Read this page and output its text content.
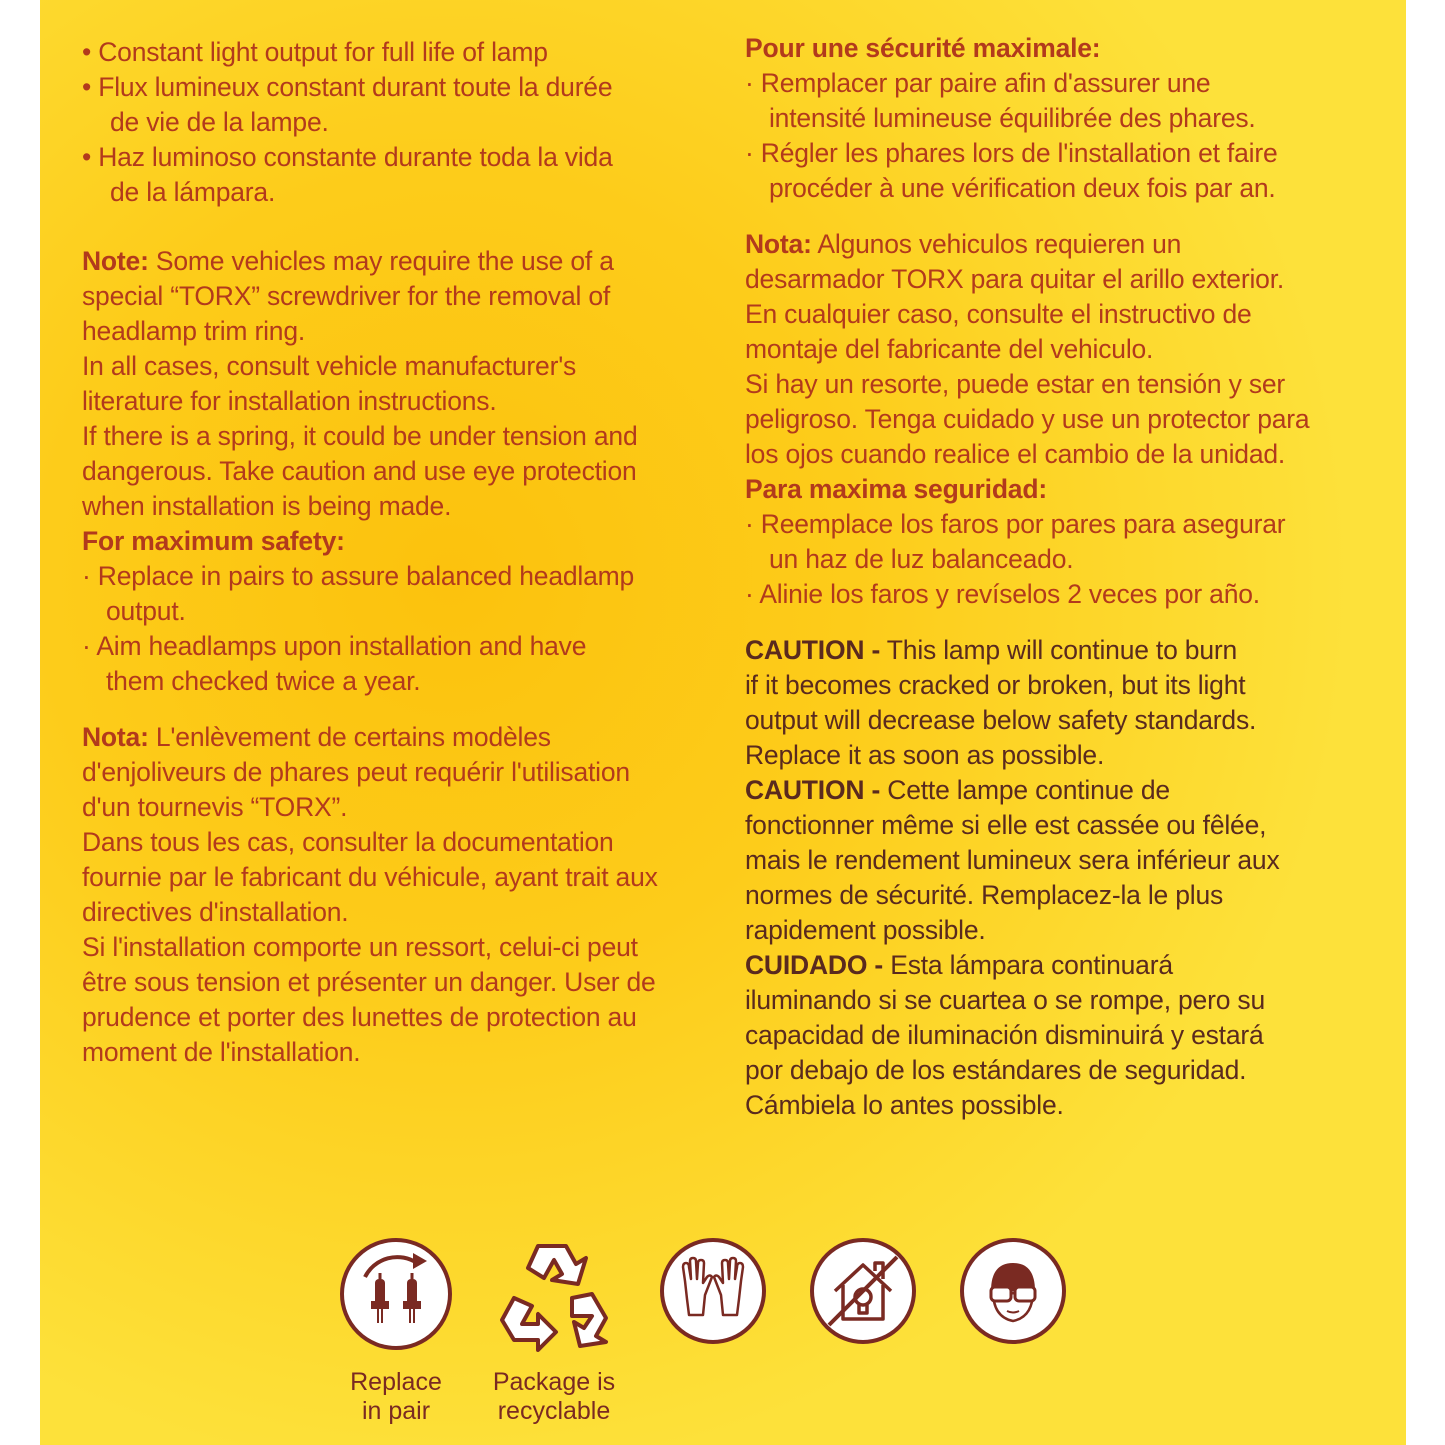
• Constant light output for full life of lamp

• Flux lumineux constant durant toute la durée
de vie de la lampe.

• Haz luminoso constante durante toda la vida
de la lámpara.

Note: Some vehicles may require the use of a

special “TORX” screwdriver for the removal of

headlamp trim ring.

In all cases, consult vehicle manufacturer's

literature for installation instructions.

If there is a spring, it could be under tension and

dangerous. Take caution and use eye protection

when installation is being made.

For maximum safety:

· Replace in pairs to assure balanced headlamp
output.

· Aim headlamps upon installation and have
them checked twice a year.

Nota: L'enlèvement de certains modèles

d'enjoliveurs de phares peut requérir l'utilisation

d'un tournevis “TORX”.

Dans tous les cas, consulter la documentation

fournie par le fabricant du véhicule, ayant trait aux

directives d'installation.

Si l'installation comporte un ressort, celui-ci peut

être sous tension et présenter un danger. User de

prudence et porter des lunettes de protection au

moment de l'installation.

Pour une sécurité maximale:

· Remplacer par paire afin d'assurer une
intensité lumineuse équilibrée des phares.

· Régler les phares lors de l'installation et faire
procéder à une vérification deux fois par an.

Nota: Algunos vehiculos requieren un

desarmador TORX para quitar el arillo exterior.

En cualquier caso, consulte el instructivo de

montaje del fabricante del vehiculo.

Si hay un resorte, puede estar en tensión y ser

peligroso. Tenga cuidado y use un protector para

los ojos cuando realice el cambio de la unidad.

Para maxima seguridad:

· Reemplace los faros por pares para asegurar
un haz de luz balanceado.

· Alinie los faros y revíselos 2 veces por año.

CAUTION - This lamp will continue to burn

if it becomes cracked or broken, but its light

output will decrease below safety standards.

Replace it as soon as possible.

CAUTION - Cette lampe continue de

fonctionner même si elle est cassée ou fêlée,

mais le rendement lumineux sera inférieur aux

normes de sécurité. Remplacez-la le plus

rapidement possible.

CUIDADO - Esta lámpara continuará

iluminando si se cuartea o se rompe, pero su

capacidad de iluminación disminuirá y estará

por debajo de los estándares de seguridad.

Cámbiela lo antes possible.

Replace
in pair
Package is
recyclable
